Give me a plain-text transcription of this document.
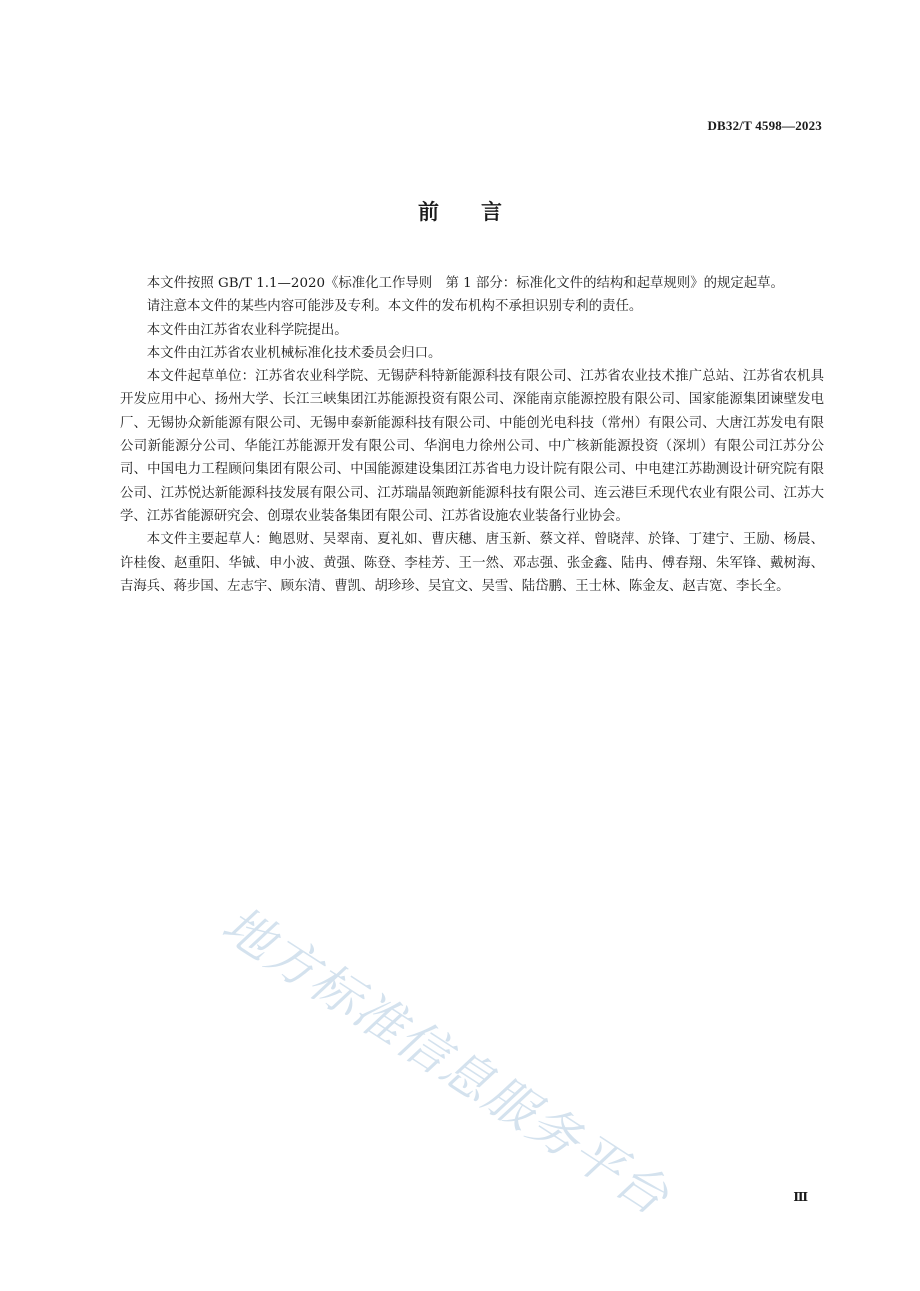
DB32/T 4598—2023
前言

本文件按照 GB/T 1.1—2020《标准化工作导则　第 1 部分：标准化文件的结构和起草规则》的规定起草。

请注意本文件的某些内容可能涉及专利。本文件的发布机构不承担识别专利的责任。

本文件由江苏省农业科学院提出。

本文件由江苏省农业机械标准化技术委员会归口。

本文件起草单位：江苏省农业科学院、无锡萨科特新能源科技有限公司、江苏省农业技术推广总站、江苏省农机具开发应用中心、扬州大学、长江三峡集团江苏能源投资有限公司、深能南京能源控股有限公司、国家能源集团谏壁发电厂、无锡协众新能源有限公司、无锡申泰新能源科技有限公司、中能创光电科技（常州）有限公司、大唐江苏发电有限公司新能源分公司、华能江苏能源开发有限公司、华润电力徐州公司、中广核新能源投资（深圳）有限公司江苏分公司、中国电力工程顾问集团有限公司、中国能源建设集团江苏省电力设计院有限公司、中电建江苏勘测设计研究院有限公司、江苏悦达新能源科技发展有限公司、江苏瑞晶领跑新能源科技有限公司、连云港巨禾现代农业有限公司、江苏大学、江苏省能源研究会、创璟农业装备集团有限公司、江苏省设施农业装备行业协会。

本文件主要起草人：鲍恩财、吴翠南、夏礼如、曹庆穗、唐玉新、蔡文祥、曾晓萍、於锋、丁建宁、王励、杨晨、许桂俊、赵重阳、华铖、申小波、黄强、陈登、李桂芳、王一然、邓志强、张金鑫、陆冉、傅春翔、朱军锋、戴树海、吉海兵、蒋步国、左志宇、顾东清、曹凯、胡珍珍、吴宜文、吴雪、陆岱鹏、王士林、陈金友、赵吉宽、李长全。

地方标准信息服务平台	Ⅲ
